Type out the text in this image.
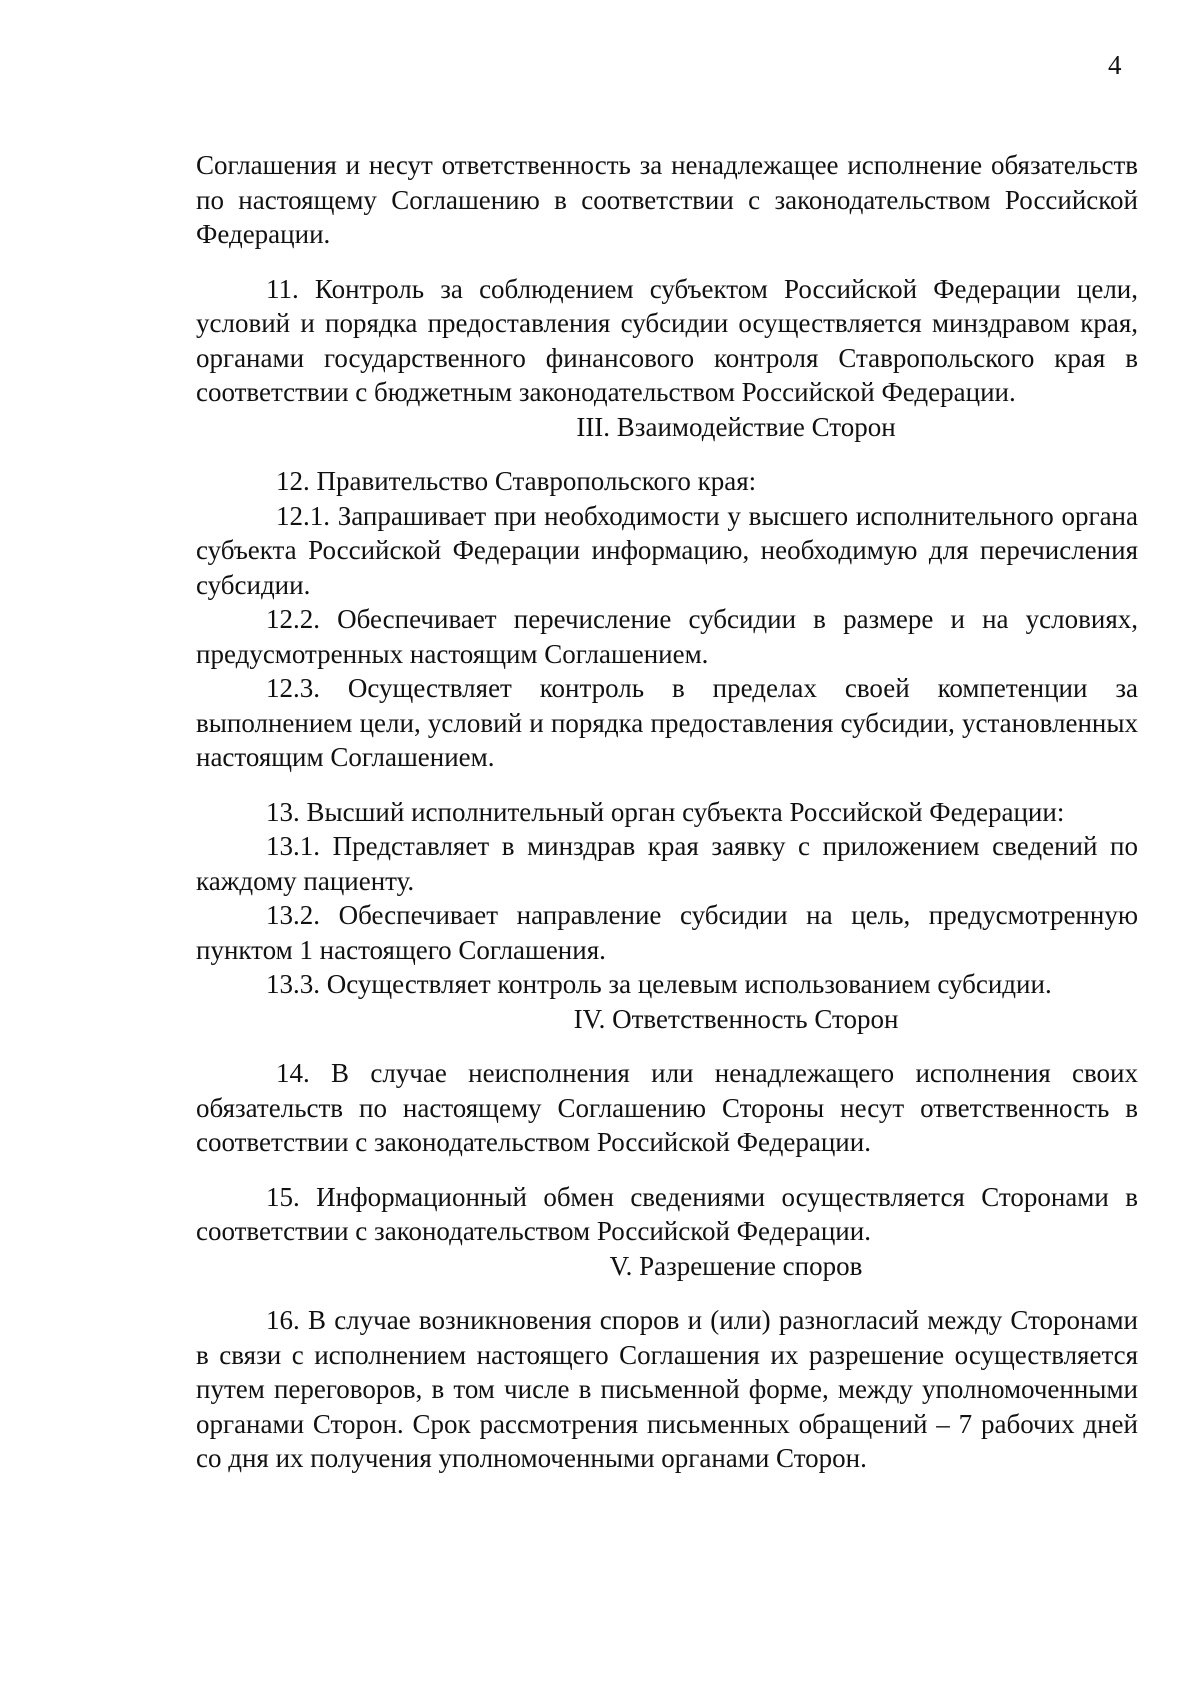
4

Соглашения и несут ответственность за ненадлежащее исполнение обязательств по настоящему Соглашению в соответствии с законодательством Российской Федерации.

11. Контроль за соблюдением субъектом Российской Федерации цели, условий и порядка предоставления субсидии осуществляется минздравом края, органами государственного финансового контроля Ставропольского края в соответствии с бюджетным законодательством Российской Федерации.

III. Взаимодействие Сторон

12. Правительство Ставропольского края:

12.1. Запрашивает при необходимости у высшего исполнительного органа субъекта Российской Федерации информацию, необходимую для перечисления субсидии.

12.2. Обеспечивает перечисление субсидии в размере и на условиях, предусмотренных настоящим Соглашением.

12.3. Осуществляет контроль в пределах своей компетенции за выполнением цели, условий и порядка предоставления субсидии, установленных настоящим Соглашением.

13. Высший исполнительный орган субъекта Российской Федерации:

13.1. Представляет в минздрав края заявку с приложением сведений по каждому пациенту.

13.2. Обеспечивает направление субсидии на цель, предусмотренную пунктом 1 настоящего Соглашения.

13.3. Осуществляет контроль за целевым использованием субсидии.

IV. Ответственность Сторон

14. В случае неисполнения или ненадлежащего исполнения своих обязательств по настоящему Соглашению Стороны несут ответственность в соответствии с законодательством Российской Федерации.

15. Информационный обмен сведениями осуществляется Сторонами в соответствии с законодательством Российской Федерации.

V. Разрешение споров

16. В случае возникновения споров и (или) разногласий между Сторонами в связи с исполнением настоящего Соглашения их разрешение осуществляется путем переговоров, в том числе в письменной форме, между уполномоченными органами Сторон. Срок рассмотрения письменных обращений – 7 рабочих дней со дня их получения уполномоченными органами Сторон.
